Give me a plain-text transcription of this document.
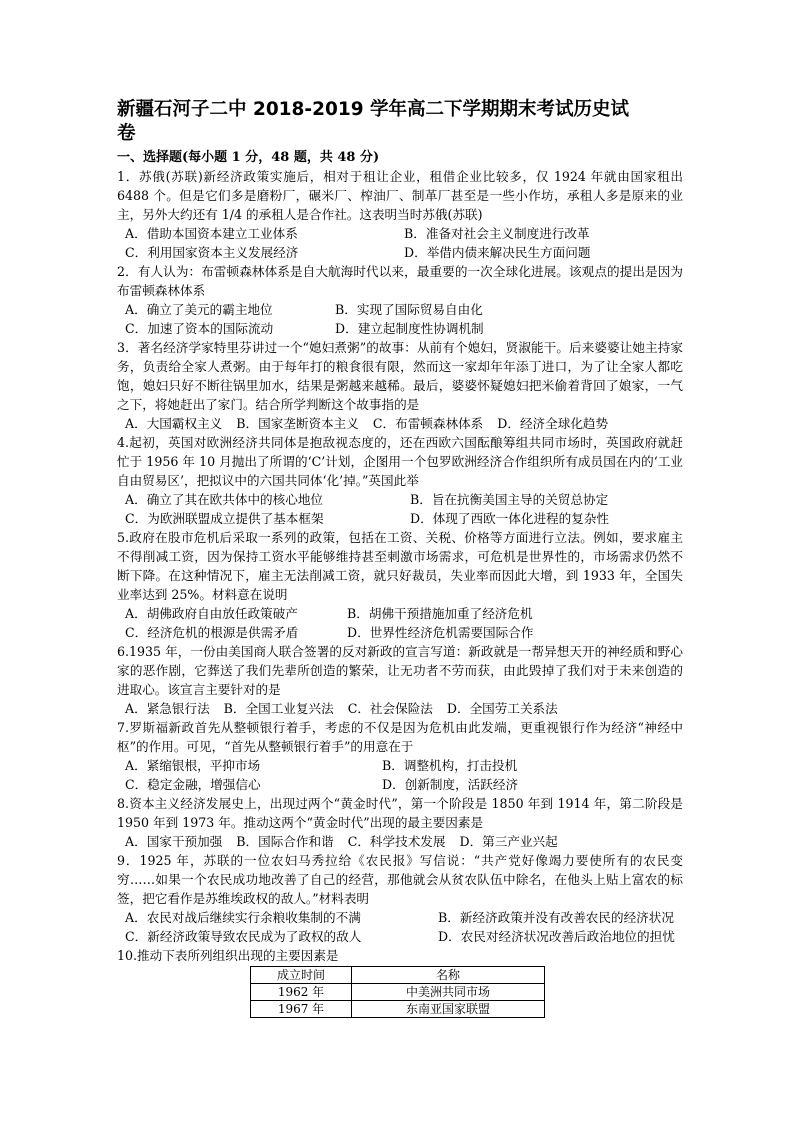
新疆石河子二中 2018-2019 学年高二下学期期末考试历史试
卷
一、选择题(每小题 1 分，48 题，共 48 分)
1．苏俄(苏联)新经济政策实施后，相对于租让企业，租借企业比较多，仅 1924 年就由国家租出 6488 个。但是它们多是磨粉厂，碾米厂、榨油厂、制革厂甚至是一些小作坊，承租人多是原来的业主，另外大约还有 1/4 的承租人是合作社。这表明当时苏俄(苏联)
A．借助本国资本建立工业体系	B．准备对社会主义制度进行改革
C．利用国家资本主义发展经济	D．举借内债来解决民生方面问题
2．有人认为：布雷顿森林体系是自大航海时代以来，最重要的一次全球化进展。该观点的提出是因为布雷顿森林体系
A．确立了美元的霸主地位	B．实现了国际贸易自由化
C．加速了资本的国际流动	D．建立起制度性协调机制
3．著名经济学家特里芬讲过一个“媳妇煮粥”的故事：从前有个媳妇，贤淑能干。后来婆婆让她主持家务，负责给全家人煮粥。由于每年打的粮食很有限，然而这一家却年年添丁进口，为了让全家人都吃饱，媳妇只好不断往锅里加水，结果是粥越来越稀。最后，婆婆怀疑媳妇把米偷着背回了娘家，一气之下，将她赶出了家门。结合所学判断这个故事指的是
A．大国霸权主义 B．国家垄断资本主义 C．布雷顿森林体系 D．经济全球化趋势
4.起初，英国对欧洲经济共同体是抱敌视态度的，还在西欧六国酝酿筹组共同市场时，英国政府就赶忙于 1956 年 10 月抛出了所谓的‘C’计划，企图用一个包罗欧洲经济合作组织所有成员国在内的‘工业自由贸易区’，把拟议中的六国共同体‘化’掉。”英国此举
A．确立了其在欧共体中的核心地位	B．旨在抗衡美国主导的关贸总协定
C．为欧洲联盟成立提供了基本框架	D．体现了西欧一体化进程的复杂性
5.政府在股市危机后采取一系列的政策，包括在工资、关税、价格等方面进行立法。例如，要求雇主不得削减工资，因为保持工资水平能够维持甚至刺激市场需求，可危机是世界性的，市场需求仍然不断下降。在这种情况下，雇主无法削减工资，就只好裁员，失业率而因此大增，到 1933 年，全国失业率达到 25%。材料意在说明
A．胡佛政府自由放任政策破产	B．胡佛干预措施加重了经济危机
C．经济危机的根源是供需矛盾	D．世界性经济危机需要国际合作
6.1935 年，一份由美国商人联合签署的反对新政的宣言写道：新政就是一帮异想天开的神经质和野心家的恶作剧，它葬送了我们先辈所创造的繁荣，让无功者不劳而获，由此毁掉了我们对于未来创造的进取心。该宣言主要针对的是
A．紧急银行法 B．全国工业复兴法 C．社会保险法 D．全国劳工关系法
7.罗斯福新政首先从整顿银行着手，考虑的不仅是因为危机由此发端，更重视银行作为经济“神经中枢”的作用。可见，“首先从整顿银行着手”的用意在于
A．紧缩银根，平抑市场	B．调整机构，打击投机
C．稳定金融，增强信心	D．创新制度，活跃经济
8.资本主义经济发展史上，出现过两个“黄金时代”，第一个阶段是 1850 年到 1914 年，第二阶段是 1950 年到 1973 年。推动这两个“黄金时代”出现的最主要因素是
A．国家干预加强 B．国际合作和谐 C．科学技术发展 D．第三产业兴起
9．1925 年，苏联的一位农妇马秀拉给《农民报》写信说：“共产党好像竭力要使所有的农民变穷……如果一个农民成功地改善了自己的经营，那他就会从贫农队伍中除名，在他头上贴上富农的标签，把它看作是苏维埃政权的敌人。”材料表明
A．农民对战后继续实行余粮收集制的不满	B．新经济政策并没有改善农民的经济状况
C．新经济政策导致农民成为了政权的敌人	D．农民对经济状况改善后政治地位的担忧
10.推动下表所列组织出现的主要因素是
成立时间	名称
1962 年	中美洲共同市场
1967 年	东南亚国家联盟
